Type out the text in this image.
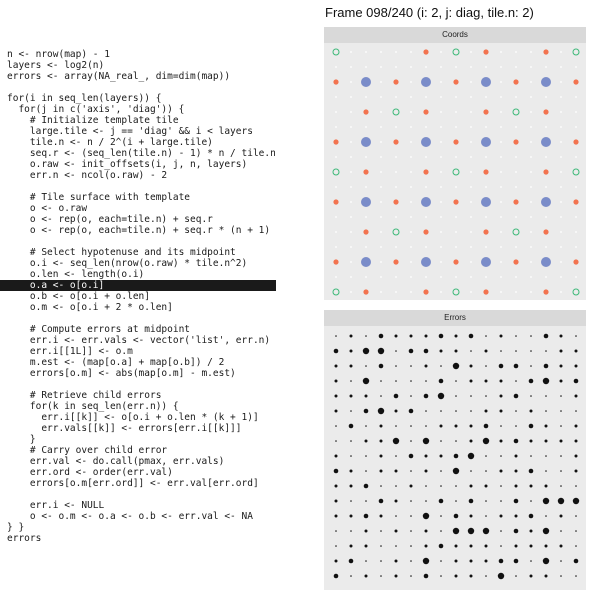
Frame 098/240 (i: 2, j: diag, tile.n: 2)
n <- nrow(map) - 1
layers <- log2(n)
errors <- array(NA_real_, dim=dim(map))

for(i in seq_len(layers)) {
for(j in c('axis', 'diag')) {
# Initialize template tile
large.tile <- j == 'diag' && i < layers
tile.n <- n / 2^(i + large.tile)
seq.r <- (seq_len(tile.n) - 1) * n / tile.n
o.raw <- init_offsets(i, j, n, layers)
err.n <- ncol(o.raw) - 2

# Tile surface with template
o <- o.raw
o <- rep(o, each=tile.n) + seq.r
o <- rep(o, each=tile.n) + seq.r * (n + 1)

# Select hypotenuse and its midpoint
o.i <- seq_len(nrow(o.raw) * tile.n^2)
o.len <- length(o.i)
o.a <- o[o.i]
o.b <- o[o.i + o.len]
o.m <- o[o.i + 2 * o.len]

# Compute errors at midpoint
err.i <- err.vals <- vector('list', err.n)
err.i[[1L]] <- o.m
m.est <- (map[o.a] + map[o.b]) / 2
errors[o.m] <- abs(map[o.m] - m.est)

# Retrieve child errors
for(k in seq_len(err.n)) {
err.i[[k]] <- o[o.i + o.len * (k + 1)]
err.vals[[k]] <- errors[err.i[[k]]]
}
# Carry over child error
err.val <- do.call(pmax, err.vals)
err.ord <- order(err.val)
errors[o.m[err.ord]] <- err.val[err.ord]

err.i <- NULL
o <- o.m <- o.a <- o.b <- err.val <- NA
} }
errors
Coords
Errors
